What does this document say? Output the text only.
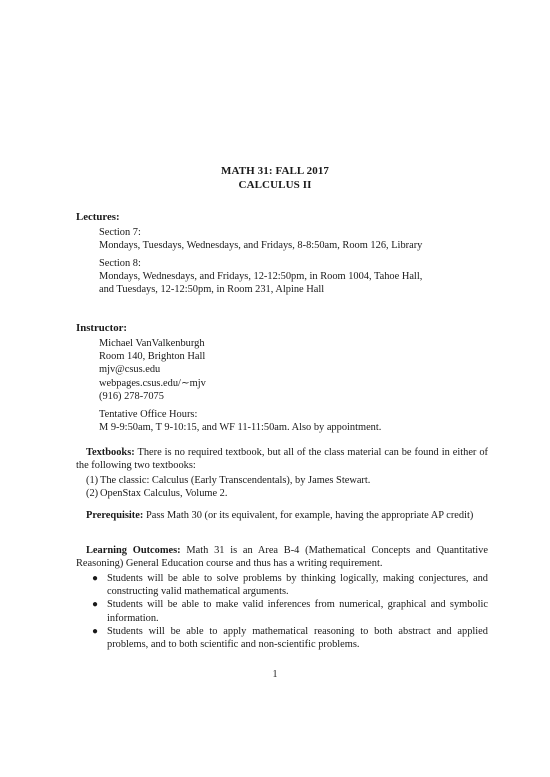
MATH 31: FALL 2017
CALCULUS II
Lectures:
Section 7:
Mondays, Tuesdays, Wednesdays, and Fridays, 8-8:50am, Room 126, Library
Section 8:
Mondays, Wednesdays, and Fridays, 12-12:50pm, in Room 1004, Tahoe Hall,
and Tuesdays, 12-12:50pm, in Room 231, Alpine Hall
Instructor:
Michael VanValkenburgh
Room 140, Brighton Hall
mjv@csus.edu
webpages.csus.edu/∼mjv
(916) 278-7075
Tentative Office Hours:
M 9-9:50am, T 9-10:15, and WF 11-11:50am. Also by appointment.
Textbooks: There is no required textbook, but all of the class material can be found in either of the following two textbooks:
(1) The classic: Calculus (Early Transcendentals), by James Stewart.
(2) OpenStax Calculus, Volume 2.
Prerequisite: Pass Math 30 (or its equivalent, for example, having the appropriate AP credit)
Learning Outcomes: Math 31 is an Area B-4 (Mathematical Concepts and Quantitative Reasoning) General Education course and thus has a writing requirement.
● Students will be able to solve problems by thinking logically, making conjectures, and constructing valid mathematical arguments.
● Students will be able to make valid inferences from numerical, graphical and symbolic information.
● Students will be able to apply mathematical reasoning to both abstract and applied problems, and to both scientific and non-scientific problems.
1
